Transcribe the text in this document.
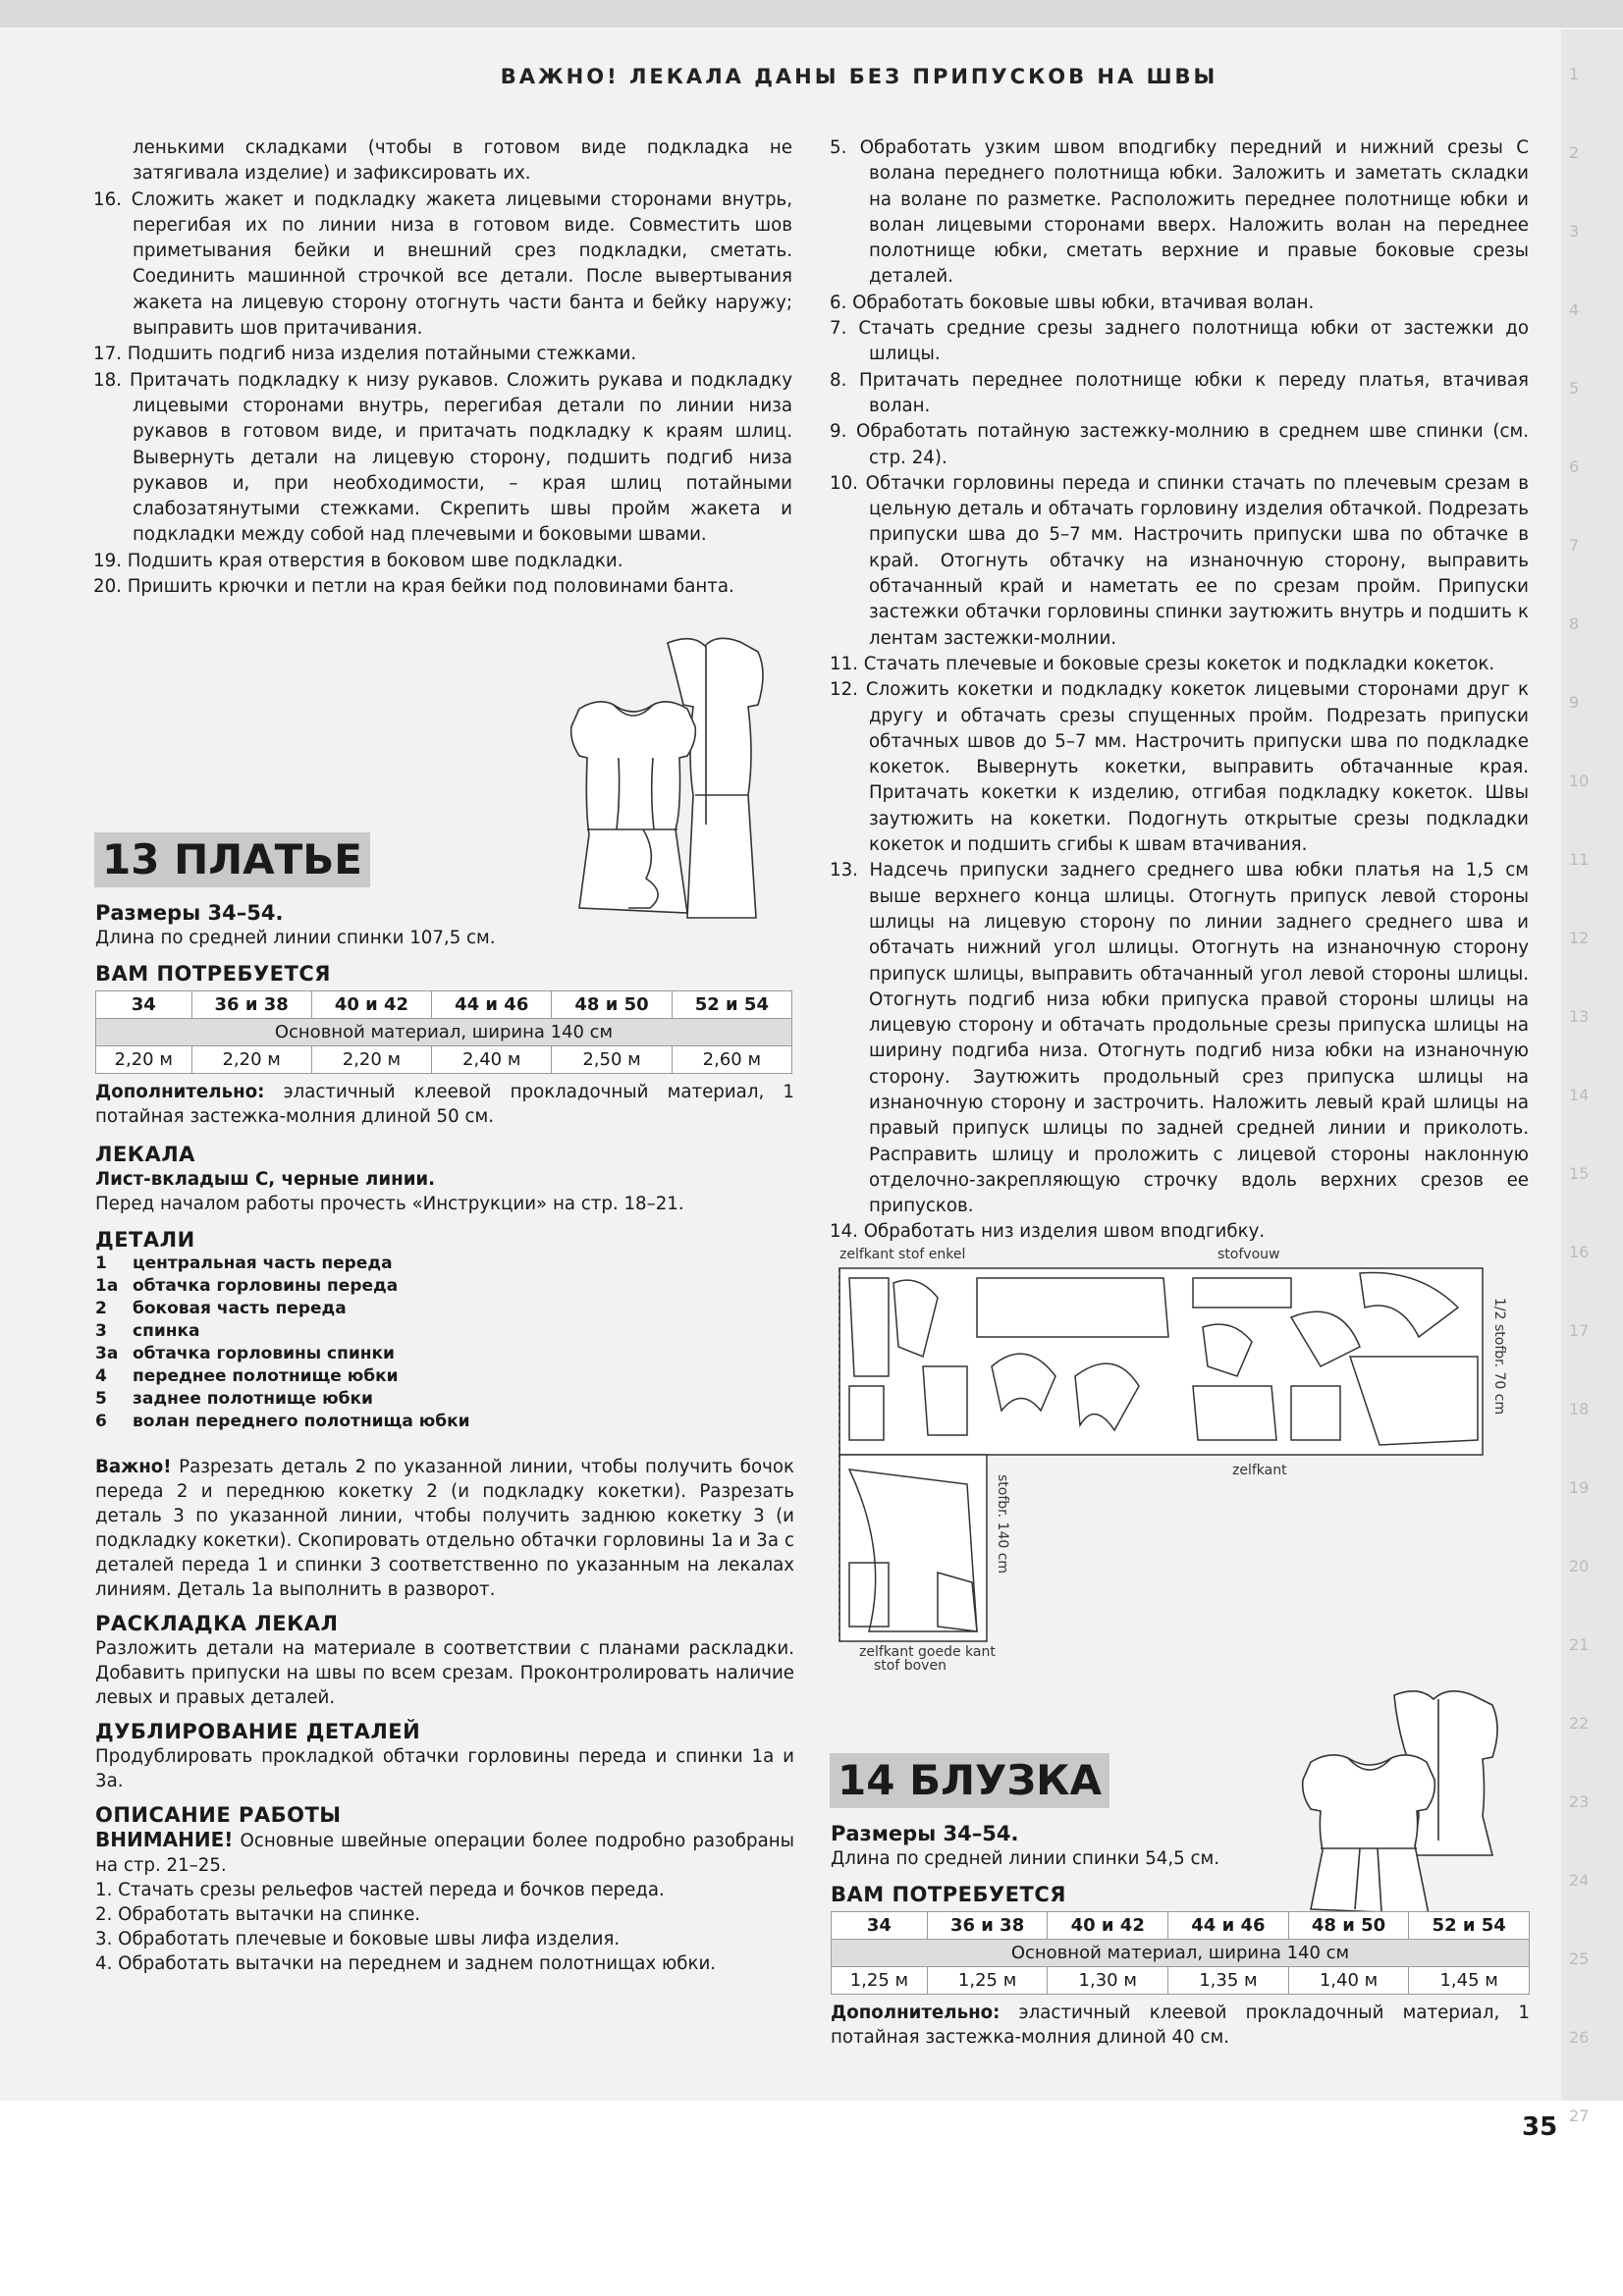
ВАЖНО! ЛЕКАЛА ДАНЫ БЕЗ ПРИПУСКОВ НА ШВЫ	1
2
3
4
5
6
7
8
9
10
11
12
13
14
15
16
17
18
19
20
21
22
23
24
25
26
27

ленькими складками (чтобы в готовом виде подкладка не затягивала изделие) и зафиксировать их.

16. Сложить жакет и подкладку жакета лицевыми сторонами внутрь, перегибая их по линии низа в готовом виде. Совместить шов приметывания бейки и внешний срез подкладки, сметать. Соединить машинной строчкой все детали. После вывертывания жакета на лицевую сторону отогнуть части банта и бейку наружу; выправить шов притачивания.
17. Подшить подгиб низа изделия потайными стежками.
18. Притачать подкладку к низу рукавов. Сложить рукава и подкладку лицевыми сторонами внутрь, перегибая детали по линии низа рукавов в готовом виде, и притачать подкладку к краям шлиц. Вывернуть детали на лицевую сторону, подшить подгиб низа рукавов и, при необходимости, – края шлиц потайными слабозатянутыми стежками. Скрепить швы пройм жакета и подкладки между собой над плечевыми и боковыми швами.
19. Подшить края отверстия в боковом шве подкладки.
20. Пришить крючки и петли на края бейки под половинами банта.
13 ПЛАТЬЕ

Размеры 34–54.

Длина по средней линии спинки 107,5 см.

ВАМ ПОТРЕБУЕТСЯ
34	36 и 38	40 и 42	44 и 46	48 и 50	52 и 54
Основной материал, ширина 140 см					
2,20 м	2,20 м	2,20 м	2,40 м	2,50 м	2,60 м

Дополнительно: эластичный клеевой прокладочный материал, 1 потайная застежка-молния длиной 50 см.

ЛЕКАЛА

Лист-вкладыш С, черные линии.

Перед началом работы прочесть «Инструкции» на стр. 18–21.

ДЕТАЛИ
1 центральная часть переда
1а обтачка горловины переда
2 боковая часть переда
3 спинка
3а обтачка горловины спинки
4 переднее полотнище юбки
5 заднее полотнище юбки
6 волан переднего полотнища юбки

Важно! Разрезать деталь 2 по указанной линии, чтобы получить бочок переда 2 и переднюю кокетку 2 (и подкладку кокетки). Разрезать деталь 3 по указанной линии, чтобы получить заднюю кокетку 3 (и подкладку кокетки). Скопировать отдельно обтачки горловины 1а и 3а с деталей переда 1 и спинки 3 соответственно по указанным на лекалах линиям. Деталь 1а выполнить в разворот.

РАСКЛАДКА ЛЕКАЛ

Разложить детали на материале в соответствии с планами раскладки. Добавить припуски на швы по всем срезам. Проконтролировать наличие левых и правых деталей.

ДУБЛИРОВАНИЕ ДЕТАЛЕЙ

Продублировать прокладкой обтачки горловины переда и спинки 1а и 3а.

ОПИСАНИЕ РАБОТЫ

ВНИМАНИЕ! Основные швейные операции более подробно разобраны на стр. 21–25.

1. Стачать срезы рельефов частей переда и бочков переда.

2. Обработать вытачки на спинке.

3. Обработать плечевые и боковые швы лифа изделия.

4. Обработать вытачки на переднем и заднем полотнищах юбки.

5. Обработать узким швом вподгибку передний и нижний срезы С волана переднего полотнища юбки. Заложить и заметать складки на волане по разметке. Расположить переднее полотнище юбки и волан лицевыми сторонами вверх. Наложить волан на переднее полотнище юбки, сметать верхние и правые боковые срезы деталей.
6. Обработать боковые швы юбки, втачивая волан.
7. Стачать средние срезы заднего полотнища юбки от застежки до шлицы.
8. Притачать переднее полотнище юбки к переду платья, втачивая волан.
9. Обработать потайную застежку-молнию в среднем шве спинки (см. стр. 24).
10. Обтачки горловины переда и спинки стачать по плечевым срезам в цельную деталь и обтачать горловину изделия обтачкой. Подрезать припуски шва до 5–7 мм. Настрочить припуски шва по обтачке в край. Отогнуть обтачку на изнаночную сторону, выправить обтачанный край и наметать ее по срезам пройм. Припуски застежки обтачки горловины спинки заутюжить внутрь и подшить к лентам застежки-молнии.
11. Стачать плечевые и боковые срезы кокеток и подкладки кокеток.
12. Сложить кокетки и подкладку кокеток лицевыми сторонами друг к другу и обтачать срезы спущенных пройм. Подрезать припуски обтачных швов до 5–7 мм. Настрочить припуски шва по подкладке кокеток. Вывернуть кокетки, выправить обтачанные края. Притачать кокетки к изделию, отгибая подкладку кокеток. Швы заутюжить на кокетки. Подогнуть открытые срезы подкладки кокеток и подшить сгибы к швам втачивания.
13. Надсечь припуски заднего среднего шва юбки платья на 1,5 см выше верхнего конца шлицы. Отогнуть припуск левой стороны шлицы на лицевую сторону по линии заднего среднего шва и обтачать нижний угол шлицы. Отогнуть на изнаночную сторону припуск шлицы, выправить обтачанный угол левой стороны шлицы. Отогнуть подгиб низа юбки припуска правой стороны шлицы на лицевую сторону и обтачать продольные срезы припуска шлицы на ширину подгиба низа. Отогнуть подгиб низа юбки на изнаночную сторону. Заутюжить продольный срез припуска шлицы на изнаночную сторону и застрочить. Наложить левый край шлицы на правый припуск шлицы по задней средней линии и приколоть. Расправить шлицу и проложить с лицевой стороны наклонную отделочно-закрепляющую строчку вдоль верхних срезов ее припусков.
14. Обработать низ изделия швом вподгибку.
zelfkant stof enkel	stofvouw
zelfkant
zelfkant goede kant
stof boven
1/2 stofbr. 70 cm
stofbr. 140 cm
14 БЛУЗКА

Размеры 34–54.

Длина по средней линии спинки 54,5 см.

ВАМ ПОТРЕБУЕТСЯ
34	36 и 38	40 и 42	44 и 46	48 и 50	52 и 54
Основной материал, ширина 140 см					
1,25 м	1,25 м	1,30 м	1,35 м	1,40 м	1,45 м

Дополнительно: эластичный клеевой прокладочный материал, 1 потайная застежка-молния длиной 40 см.

35
